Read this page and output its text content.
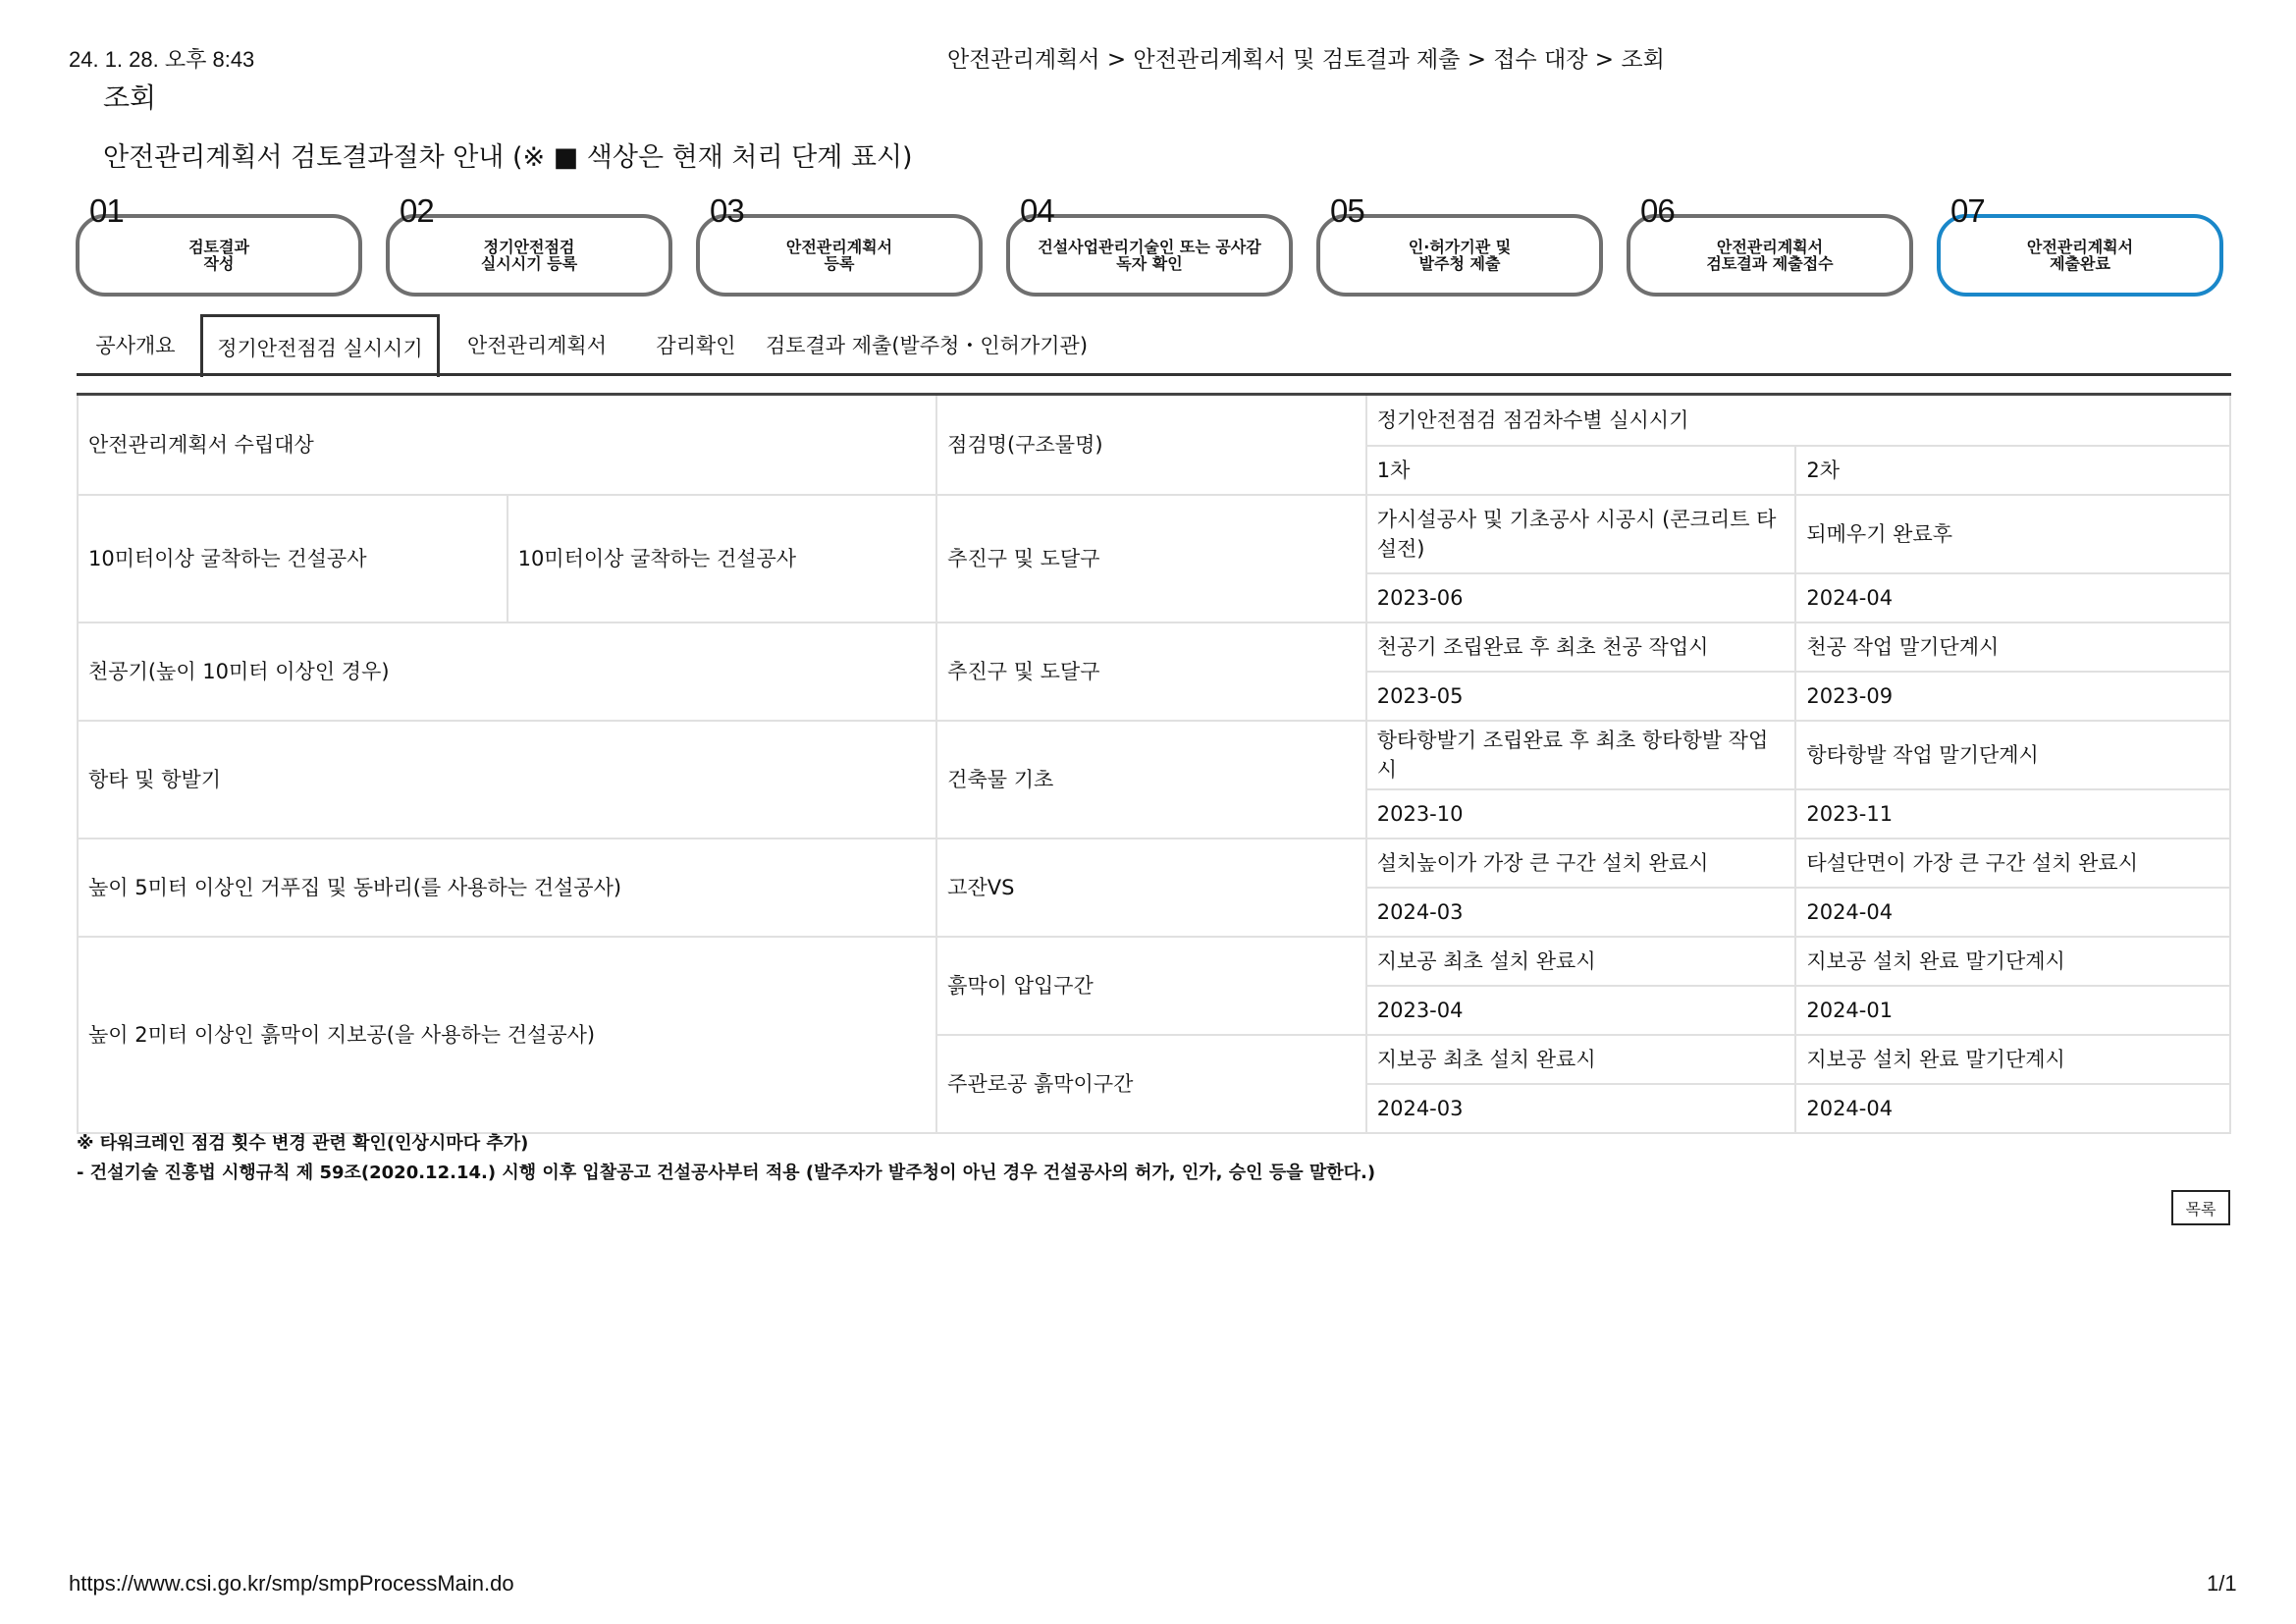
24. 1. 28. 오후 8:43	안전관리계획서 > 안전관리계획서 및 검토결과 제출 > 접수 대장 > 조회
조회
안전관리계획서 검토결과절차 안내 (※ ■ 색상은 현재 처리 단계 표시)
01
검토결과
작성
02
정기안전점검
실시시기 등록
03
안전관리계획서
등록
04
건설사업관리기술인 또는 공사감
독자 확인
05
인·허가기관 및
발주청 제출
06
안전관리계획서
검토결과 제출접수
07
안전관리계획서
제출완료
공사개요	정기안전점검 실시시기	안전관리계획서	감리확인	검토결과 제출(발주청・인허가기관)
안전관리계획서 수립대상		점검명(구조물명)	정기안전점검 점검차수별 실시시기	
			1차	2차
10미터이상 굴착하는 건설공사	10미터이상 굴착하는 건설공사	추진구 및 도달구	가시설공사 및 기초공사 시공시 (콘크리트 타설전)	되메우기 완료후
			2023-06	2024-04
천공기(높이 10미터 이상인 경우)		추진구 및 도달구	천공기 조립완료 후 최초 천공 작업시	천공 작업 말기단계시
			2023-05	2023-09
항타 및 항발기		건축물 기초	항타항발기 조립완료 후 최초 항타항발 작업시	항타항발 작업 말기단계시
			2023-10	2023-11
높이 5미터 이상인 거푸집 및 동바리(를 사용하는 건설공사)		고잔VS	설치높이가 가장 큰 구간 설치 완료시	타설단면이 가장 큰 구간 설치 완료시
			2024-03	2024-04
높이 2미터 이상인 흙막이 지보공(을 사용하는 건설공사)		흙막이 압입구간	지보공 최초 설치 완료시	지보공 설치 완료 말기단계시
			2023-04	2024-01
		주관로공 흙막이구간	지보공 최초 설치 완료시	지보공 설치 완료 말기단계시
			2024-03	2024-04
※ 타워크레인 점검 횟수 변경 관련 확인(인상시마다 추가)
- 건설기술 진흥법 시행규칙 제 59조(2020.12.14.) 시행 이후 입찰공고 건설공사부터 적용 (발주자가 발주청이 아닌 경우 건설공사의 허가, 인가, 승인 등을 말한다.)
목록
https://www.csi.go.kr/smp/smpProcessMain.do	1/1
